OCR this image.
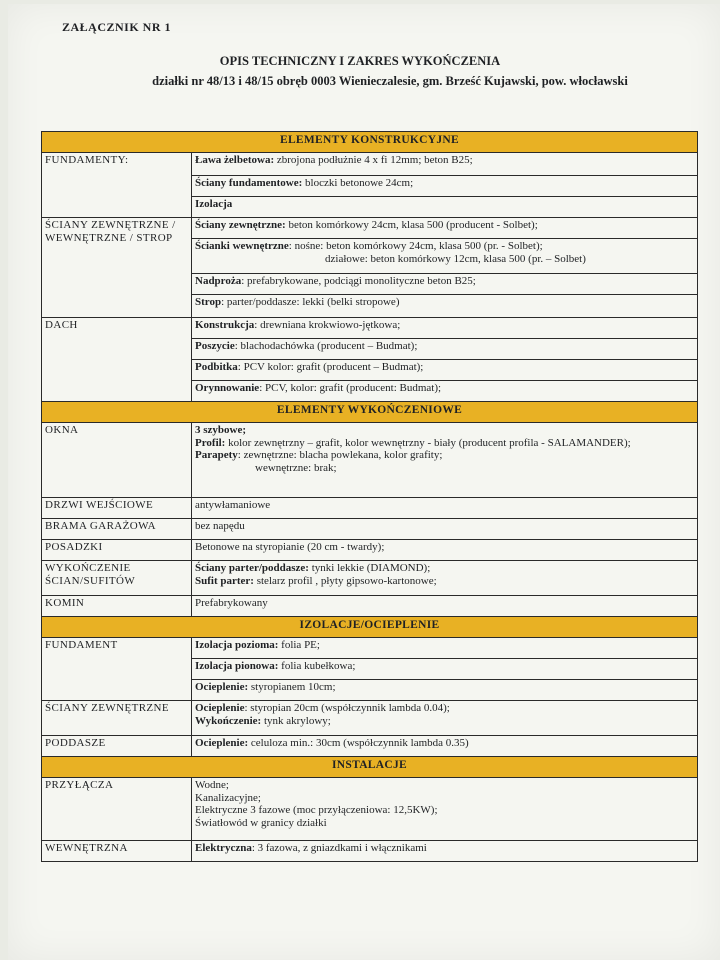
ZAŁĄCZNIK NR 1
OPIS TECHNICZNY I ZAKRES WYKOŃCZENIA
działki nr 48/13 i 48/15 obręb 0003 Wienieczalesie, gm. Brześć Kujawski, pow. włocławski
ELEMENTY KONSTRUKCYJNE	
FUNDAMENTY:	Ława żelbetowa: zbrojona podłużnie 4 x fi 12mm; beton B25;
	Ściany fundamentowe: bloczki betonowe 24cm;
	Izolacja
ŚCIANY ZEWNĘTRZNE / WEWNĘTRZNE / STROP	Ściany zewnętrzne: beton komórkowy 24cm, klasa 500 (producent - Solbet);
	Ścianki wewnętrzne: nośne: beton komórkowy 24cm, klasa 500 (pr. - Solbet);
działowe: beton komórkowy 12cm, klasa 500 (pr. – Solbet)
	Nadproża: prefabrykowane, podciągi monolityczne beton B25;
	Strop: parter/poddasze: lekki (belki stropowe)
DACH	Konstrukcja: drewniana krokwiowo-jętkowa;
	Poszycie: blachodachówka (producent – Budmat);
	Podbitka: PCV kolor: grafit (producent – Budmat);
	Orynnowanie: PCV, kolor: grafit (producent: Budmat);
ELEMENTY WYKOŃCZENIOWE	
OKNA	3 szybowe;
Profil: kolor zewnętrzny – grafit, kolor wewnętrzny - biały (producent profila - SALAMANDER);
Parapety: zewnętrzne: blacha powlekana, kolor grafity;
wewnętrzne: brak;
DRZWI WEJŚCIOWE	antywłamaniowe
BRAMA GARAŻOWA	bez napędu
POSADZKI	Betonowe na styropianie (20 cm - twardy);
WYKOŃCZENIE ŚCIAN/SUFITÓW	Ściany parter/poddasze: tynki lekkie (DIAMOND);
Sufit parter: stelarz profil , płyty gipsowo-kartonowe;
KOMIN	Prefabrykowany
IZOLACJE/OCIEPLENIE	
FUNDAMENT	Izolacja pozioma: folia PE;
	Izolacja pionowa: folia kubełkowa;
	Ocieplenie: styropianem 10cm;
ŚCIANY ZEWNĘTRZNE	Ocieplenie: styropian 20cm (współczynnik lambda 0.04);
Wykończenie: tynk akrylowy;
PODDASZE	Ocieplenie: celuloza min.: 30cm (współczynnik lambda 0.35)
INSTALACJE	
PRZYŁĄCZA	Wodne;
Kanalizacyjne;
Elektryczne 3 fazowe (moc przyłączeniowa: 12,5KW);
Światłowód w granicy działki
WEWNĘTRZNA	Elektryczna: 3 fazowa, z gniazdkami i włącznikami
